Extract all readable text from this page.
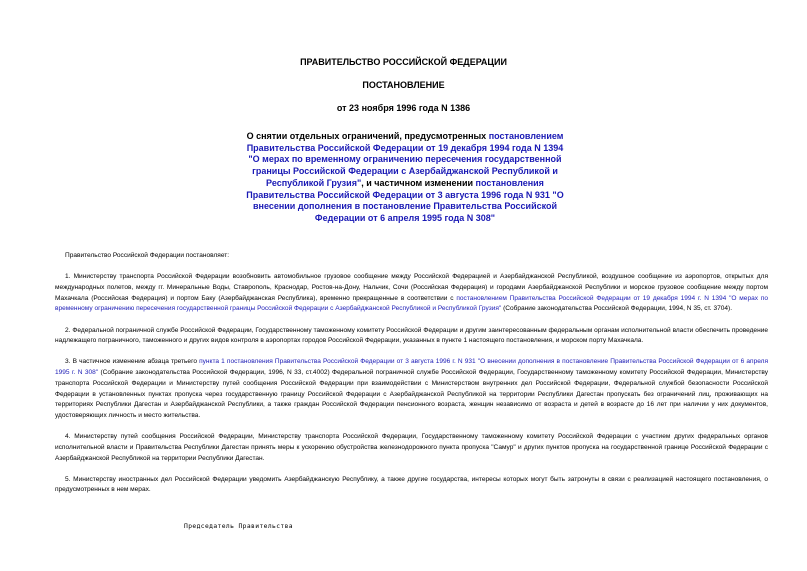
ПРАВИТЕЛЬСТВО РОССИЙСКОЙ ФЕДЕРАЦИИ
ПОСТАНОВЛЕНИЕ
от 23 ноября 1996 года N 1386
О снятии отдельных ограничений, предусмотренных постановлением Правительства Российской Федерации от 19 декабря 1994 года N 1394 "О мерах по временному ограничению пересечения государственной границы Российской Федерации с Азербайджанской Республикой и Республикой Грузия", и частичном изменении постановления Правительства Российской Федерации от 3 августа 1996 года N 931 "О внесении дополнения в постановление Правительства Российской Федерации от 6 апреля 1995 года N 308"

Правительство Российской Федерации постановляет:

1. Министерству транспорта Российской Федерации возобновить автомобильное грузовое сообщение между Российской Федерацией и Азербайджанской Республикой, воздушное сообщение из аэропортов, открытых для международных полетов, между гг. Минеральные Воды, Ставрополь, Краснодар, Ростов-на-Дону, Нальчик, Сочи (Российская Федерация) и городами Азербайджанской Республики и морское грузовое сообщение между портом Махачкала (Российская Федерация) и портом Баку (Азербайджанская Республика), временно прекращенные в соответствии с постановлением Правительства Российской Федерации от 19 декабря 1994 г. N 1394 "О мерах по временному ограничению пересечения государственной границы Российской Федерации с Азербайджанской Республикой и Республикой Грузия" (Собрание законодательства Российской Федерации, 1994, N 35, ст. 3704).

2. Федеральной пограничной службе Российской Федерации, Государственному таможенному комитету Российской Федерации и другим заинтересованным федеральным органам исполнительной власти обеспечить проведение надлежащего пограничного, таможенного и других видов контроля в аэропортах городов Российской Федерации, указанных в пункте 1 настоящего постановления, и морском порту Махачкала.

3. В частичное изменение абзаца третьего пункта 1 постановления Правительства Российской Федерации от 3 августа 1996 г. N 931 "О внесении дополнения в постановление Правительства Российской Федерации от 6 апреля 1995 г. N 308" (Собрание законодательства Российской Федерации, 1996, N 33, ст.4002) Федеральной пограничной службе Российской Федерации, Государственному таможенному комитету Российской Федерации, Министерству транспорта Российской Федерации и Министерству путей сообщения Российской Федерации при взаимодействии с Министерством внутренних дел Российской Федерации, Федеральной службой безопасности Российской Федерации в установленных пунктах пропуска через государственную границу Российской Федерации с Азербайджанской Республикой на территории Республики Дагестан пропускать без ограничений лиц, проживающих на территориях Республики Дагестан и Азербайджанской Республики, а также граждан Российской Федерации пенсионного возраста, женщин независимо от возраста и детей в возрасте до 16 лет при наличии у них документов, удостоверяющих личность и место жительства.

4. Министерству путей сообщения Российской Федерации, Министерству транспорта Российской Федерации, Государственному таможенному комитету Российской Федерации с участием других федеральных органов исполнительной власти и Правительства Республики Дагестан принять меры к ускорению обустройства железнодорожного пункта пропуска "Самур" и других пунктов пропуска на государственной границе Российской Федерации с Азербайджанской Республикой на территории Республики Дагестан.

5. Министерству иностранных дел Российской Федерации уведомить Азербайджанскую Республику, а также другие государства, интересы которых могут быть затронуты в связи с реализацией настоящего постановления, о предусмотренных в нем мерах.

Председатель Правительства
